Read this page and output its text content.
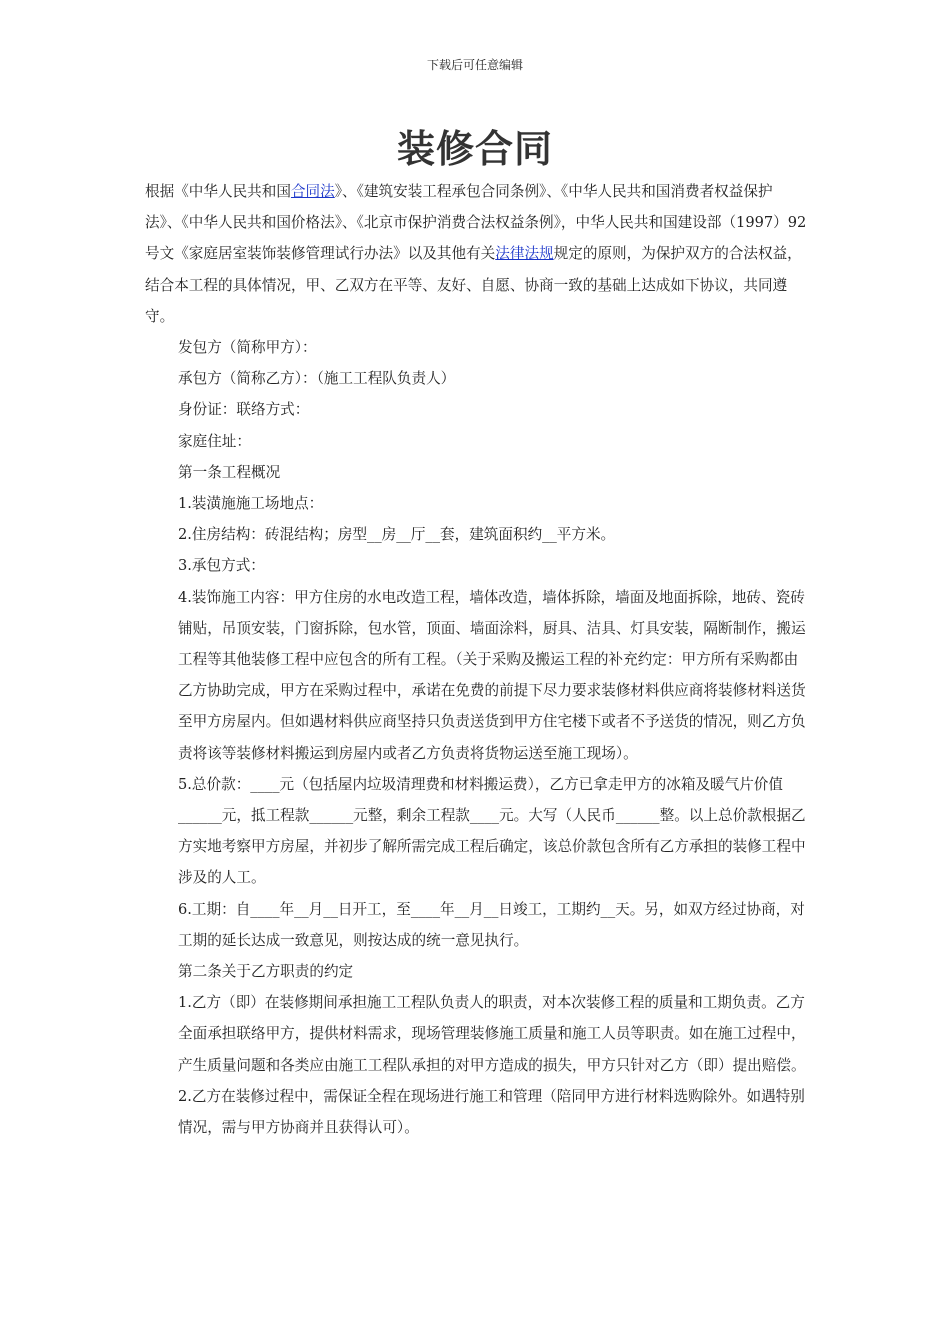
下载后可任意编辑
装修合同

根据《中华人民共和国合同法》、《建筑安装工程承包合同条例》、《中华人民共和国消费者权益保护法》、《中华人民共和国价格法》、《北京市保护消费合法权益条例》，中华人民共和国建设部（1997）92号文《家庭居室装饰装修管理试行办法》以及其他有关法律法规规定的原则，为保护双方的合法权益，结合本工程的具体情况，甲、乙双方在平等、友好、自愿、协商一致的基础上达成如下协议，共同遵守。

发包方（简称甲方）：

承包方（简称乙方）：（施工工程队负责人）

身份证：联络方式：

家庭住址：

第一条工程概况

1.装潢施施工场地点：

2.住房结构：砖混结构；房型__房__厅__套，建筑面积约__平方米。

3.承包方式：

4.装饰施工内容：甲方住房的水电改造工程，墙体改造，墙体拆除，墙面及地面拆除，地砖、瓷砖铺贴，吊顶安装，门窗拆除，包水管，顶面、墙面涂料，厨具、洁具、灯具安装，隔断制作，搬运工程等其他装修工程中应包含的所有工程。（关于采购及搬运工程的补充约定：甲方所有采购都由乙方协助完成，甲方在采购过程中，承诺在免费的前提下尽力要求装修材料供应商将装修材料送货至甲方房屋内。但如遇材料供应商坚持只负责送货到甲方住宅楼下或者不予送货的情况，则乙方负责将该等装修材料搬运到房屋内或者乙方负责将货物运送至施工现场）。

5.总价款：____元（包括屋内垃圾清理费和材料搬运费），乙方已拿走甲方的冰箱及暖气片价值______元，抵工程款______元整，剩余工程款____元。大写（人民币______整。以上总价款根据乙方实地考察甲方房屋，并初步了解所需完成工程后确定，该总价款包含所有乙方承担的装修工程中涉及的人工。

6.工期：自____年__月__日开工，至____年__月__日竣工，工期约__天。另，如双方经过协商，对工期的延长达成一致意见，则按达成的统一意见执行。

第二条关于乙方职责的约定

1.乙方（即）在装修期间承担施工工程队负责人的职责，对本次装修工程的质量和工期负责。乙方全面承担联络甲方，提供材料需求，现场管理装修施工质量和施工人员等职责。如在施工过程中，产生质量问题和各类应由施工工程队承担的对甲方造成的损失，甲方只针对乙方（即）提出赔偿。

2.乙方在装修过程中，需保证全程在现场进行施工和管理（陪同甲方进行材料选购除外。如遇特别情况，需与甲方协商并且获得认可）。
